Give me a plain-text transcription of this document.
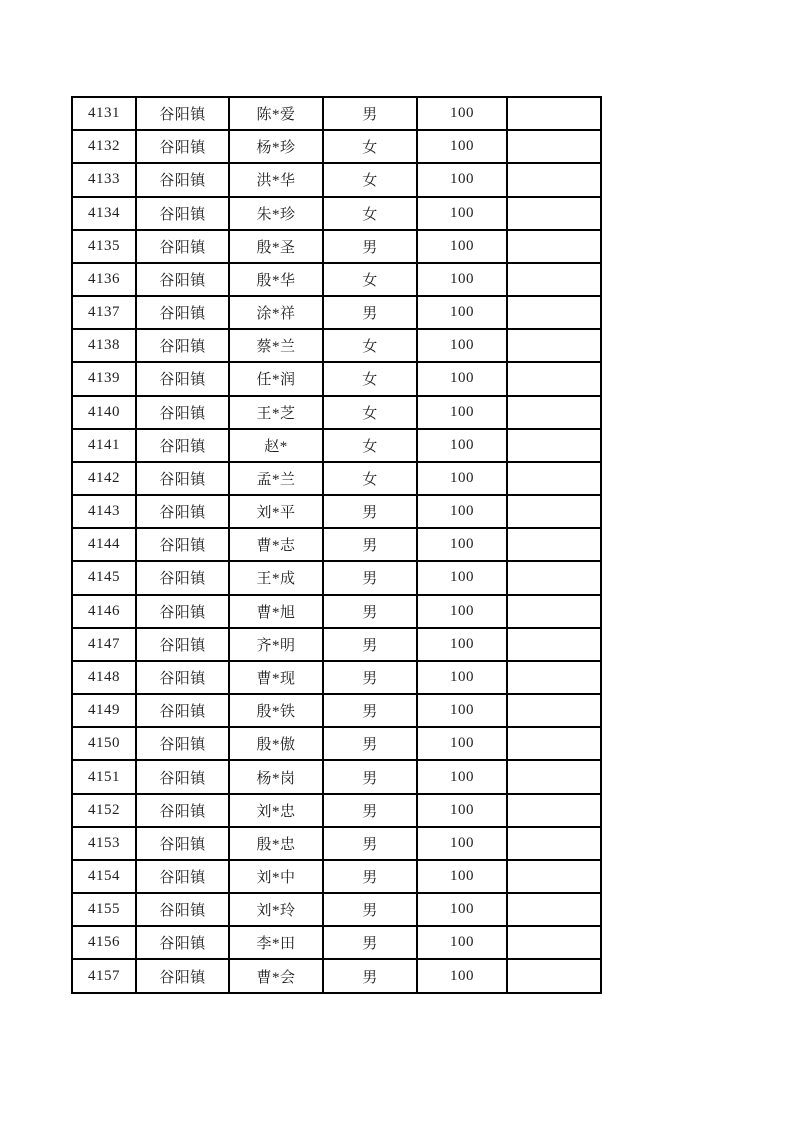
4131	谷阳镇	陈*爱	男	100	
4132	谷阳镇	杨*珍	女	100	
4133	谷阳镇	洪*华	女	100	
4134	谷阳镇	朱*珍	女	100	
4135	谷阳镇	殷*圣	男	100	
4136	谷阳镇	殷*华	女	100	
4137	谷阳镇	涂*祥	男	100	
4138	谷阳镇	蔡*兰	女	100	
4139	谷阳镇	任*润	女	100	
4140	谷阳镇	王*芝	女	100	
4141	谷阳镇	赵*	女	100	
4142	谷阳镇	孟*兰	女	100	
4143	谷阳镇	刘*平	男	100	
4144	谷阳镇	曹*志	男	100	
4145	谷阳镇	王*成	男	100	
4146	谷阳镇	曹*旭	男	100	
4147	谷阳镇	齐*明	男	100	
4148	谷阳镇	曹*现	男	100	
4149	谷阳镇	殷*铁	男	100	
4150	谷阳镇	殷*傲	男	100	
4151	谷阳镇	杨*岗	男	100	
4152	谷阳镇	刘*忠	男	100	
4153	谷阳镇	殷*忠	男	100	
4154	谷阳镇	刘*中	男	100	
4155	谷阳镇	刘*玲	男	100	
4156	谷阳镇	李*田	男	100	
4157	谷阳镇	曹*会	男	100	
